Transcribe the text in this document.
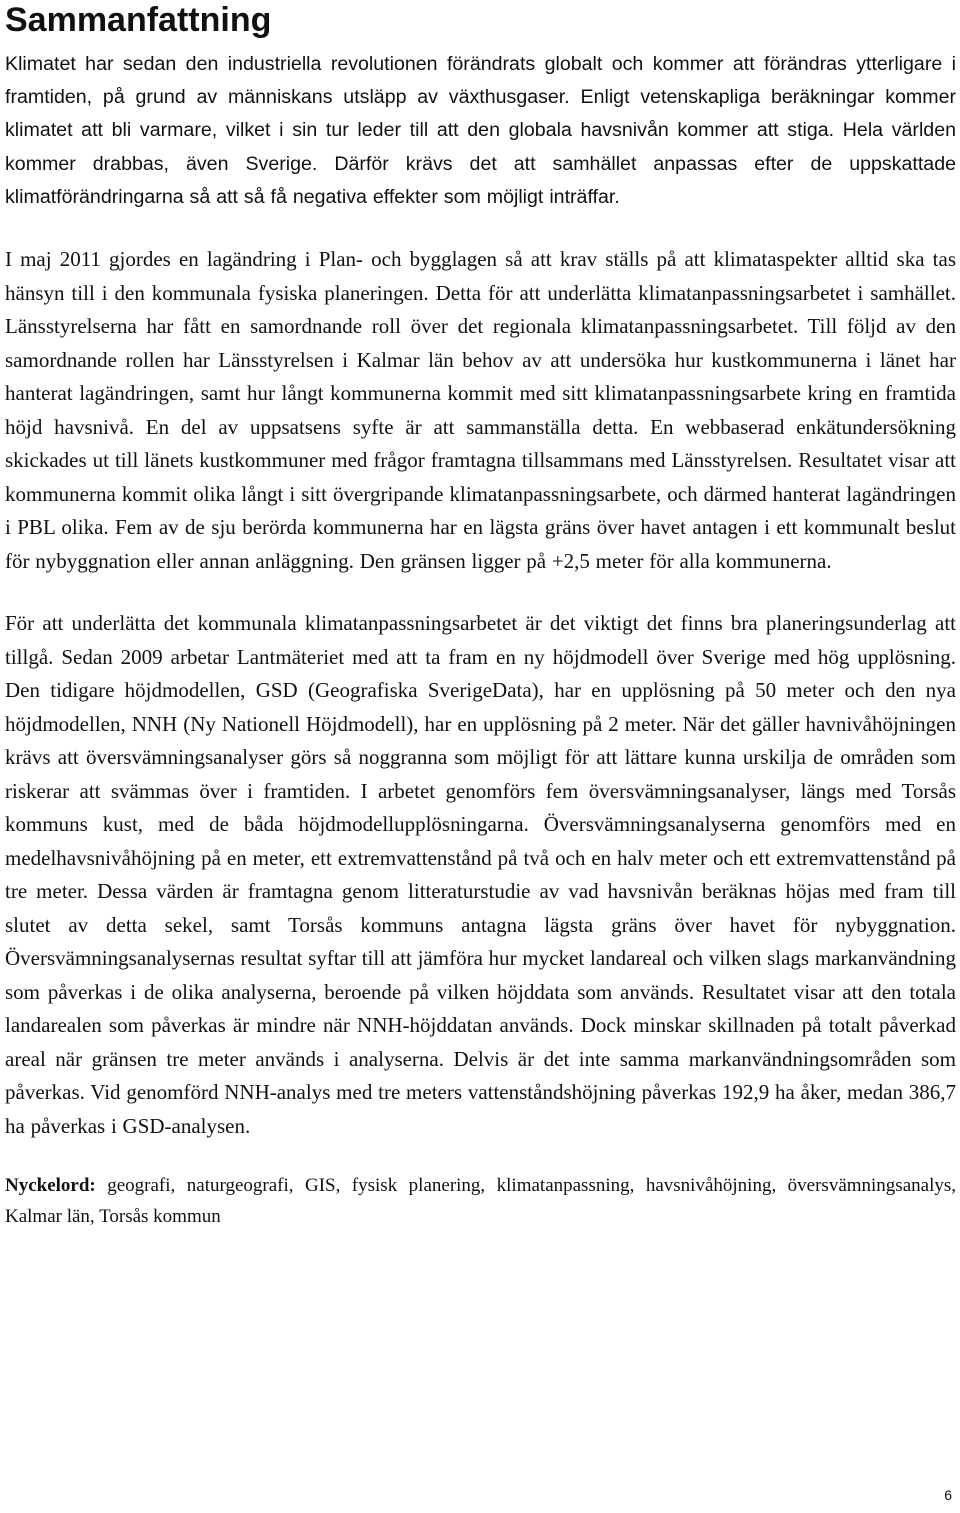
Sammanfattning

Klimatet har sedan den industriella revolutionen förändrats globalt och kommer att förändras ytterligare i framtiden, på grund av människans utsläpp av växthusgaser. Enligt vetenskapliga beräkningar kommer klimatet att bli varmare, vilket i sin tur leder till att den globala havsnivån kommer att stiga. Hela världen kommer drabbas, även Sverige. Därför krävs det att samhället anpassas efter de uppskattade klimatförändringarna så att så få negativa effekter som möjligt inträffar.

I maj 2011 gjordes en lagändring i Plan- och bygglagen så att krav ställs på att klimataspekter alltid ska tas hänsyn till i den kommunala fysiska planeringen. Detta för att underlätta klimatanpassningsarbetet i samhället. Länsstyrelserna har fått en samordnande roll över det regionala klimatanpassningsarbetet. Till följd av den samordnande rollen har Länsstyrelsen i Kalmar län behov av att undersöka hur kustkommunerna i länet har hanterat lagändringen, samt hur långt kommunerna kommit med sitt klimatanpassningsarbete kring en framtida höjd havsnivå. En del av uppsatsens syfte är att sammanställa detta. En webbaserad enkätundersökning skickades ut till länets kustkommuner med frågor framtagna tillsammans med Länsstyrelsen. Resultatet visar att kommunerna kommit olika långt i sitt övergripande klimatanpassningsarbete, och därmed hanterat lagändringen i PBL olika. Fem av de sju berörda kommunerna har en lägsta gräns över havet antagen i ett kommunalt beslut för nybyggnation eller annan anläggning. Den gränsen ligger på +2,5 meter för alla kommunerna.

För att underlätta det kommunala klimatanpassningsarbetet är det viktigt det finns bra planeringsunderlag att tillgå. Sedan 2009 arbetar Lantmäteriet med att ta fram en ny höjdmodell över Sverige med hög upplösning. Den tidigare höjdmodellen, GSD (Geografiska SverigeData), har en upplösning på 50 meter och den nya höjdmodellen, NNH (Ny Nationell Höjdmodell), har en upplösning på 2 meter. När det gäller havnivåhöjningen krävs att översvämningsanalyser görs så noggranna som möjligt för att lättare kunna urskilja de områden som riskerar att svämmas över i framtiden. I arbetet genomförs fem översvämningsanalyser, längs med Torsås kommuns kust, med de båda höjdmodellupplösningarna. Översvämningsanalyserna genomförs med en medelhavsnivåhöjning på en meter, ett extremvattenstånd på två och en halv meter och ett extremvattenstånd på tre meter. Dessa värden är framtagna genom litteraturstudie av vad havsnivån beräknas höjas med fram till slutet av detta sekel, samt Torsås kommuns antagna lägsta gräns över havet för nybyggnation. Översvämningsanalysernas resultat syftar till att jämföra hur mycket landareal och vilken slags markanvändning som påverkas i de olika analyserna, beroende på vilken höjddata som används. Resultatet visar att den totala landarealen som påverkas är mindre när NNH-höjddatan används. Dock minskar skillnaden på totalt påverkad areal när gränsen tre meter används i analyserna. Delvis är det inte samma markanvändningsområden som påverkas. Vid genomförd NNH-analys med tre meters vattenståndshöjning påverkas 192,9 ha åker, medan 386,7 ha påverkas i GSD-analysen.

Nyckelord: geografi, naturgeografi, GIS, fysisk planering, klimatanpassning, havsnivåhöjning, översvämningsanalys, Kalmar län, Torsås kommun

6
